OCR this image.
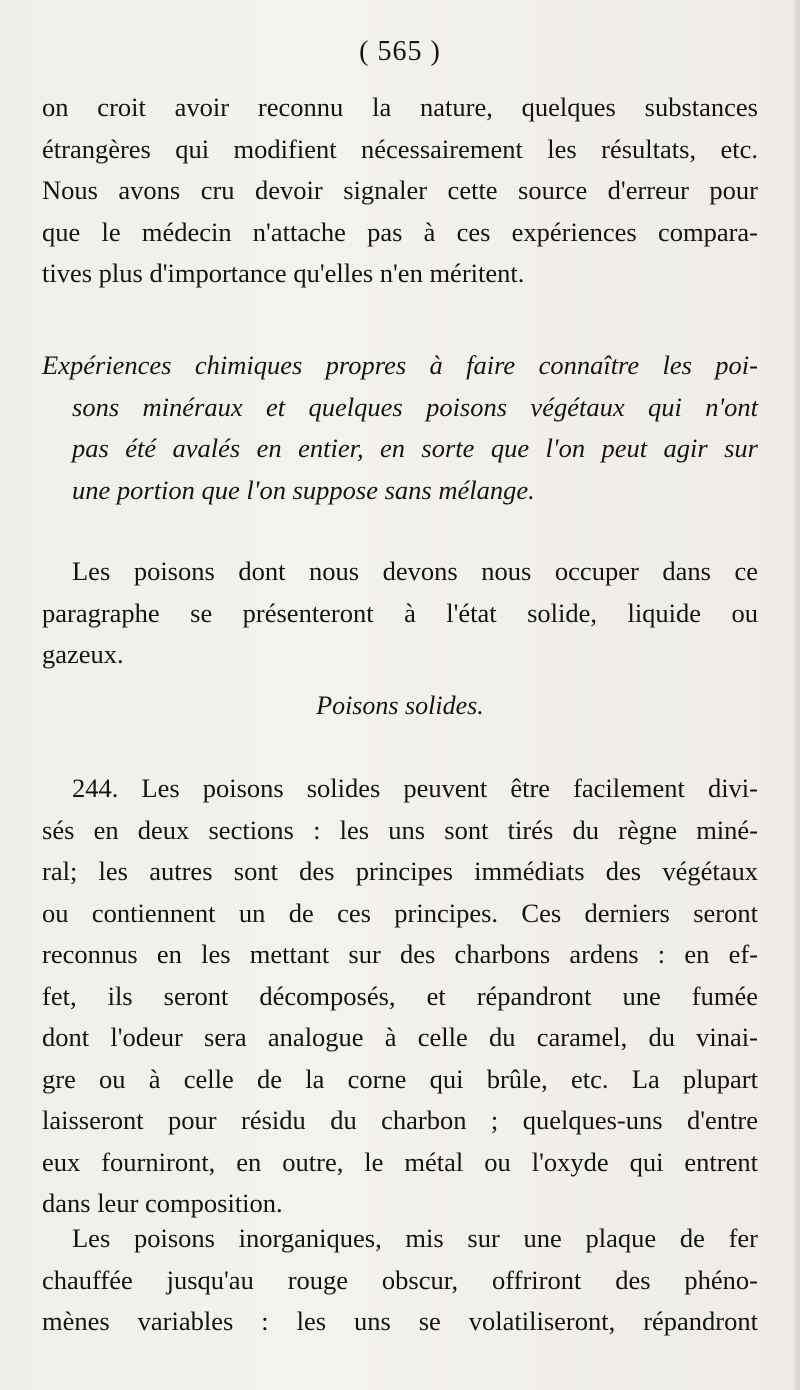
( 565 )
on croit avoir reconnu la nature, quelques substances
étrangères qui modifient nécessairement les résultats, etc.
Nous avons cru devoir signaler cette source d'erreur pour
que le médecin n'attache pas à ces expériences compara-
tives plus d'importance qu'elles n'en méritent.
Expériences chimiques propres à faire connaître les poi-
sons minéraux et quelques poisons végétaux qui n'ont
pas été avalés en entier, en sorte que l'on peut agir sur
une portion que l'on suppose sans mélange.
Les poisons dont nous devons nous occuper dans ce
paragraphe se présenteront à l'état solide, liquide ou
gazeux.
Poisons solides.
244. Les poisons solides peuvent être facilement divi-
sés en deux sections : les uns sont tirés du règne miné-
ral; les autres sont des principes immédiats des végétaux
ou contiennent un de ces principes. Ces derniers seront
reconnus en les mettant sur des charbons ardens : en ef-
fet, ils seront décomposés, et répandront une fumée
dont l'odeur sera analogue à celle du caramel, du vinai-
gre ou à celle de la corne qui brûle, etc. La plupart
laisseront pour résidu du charbon ; quelques-uns d'entre
eux fourniront, en outre, le métal ou l'oxyde qui entrent
dans leur composition.
Les poisons inorganiques, mis sur une plaque de fer
chauffée jusqu'au rouge obscur, offriront des phéno-
mènes variables : les uns se volatiliseront, répandront
